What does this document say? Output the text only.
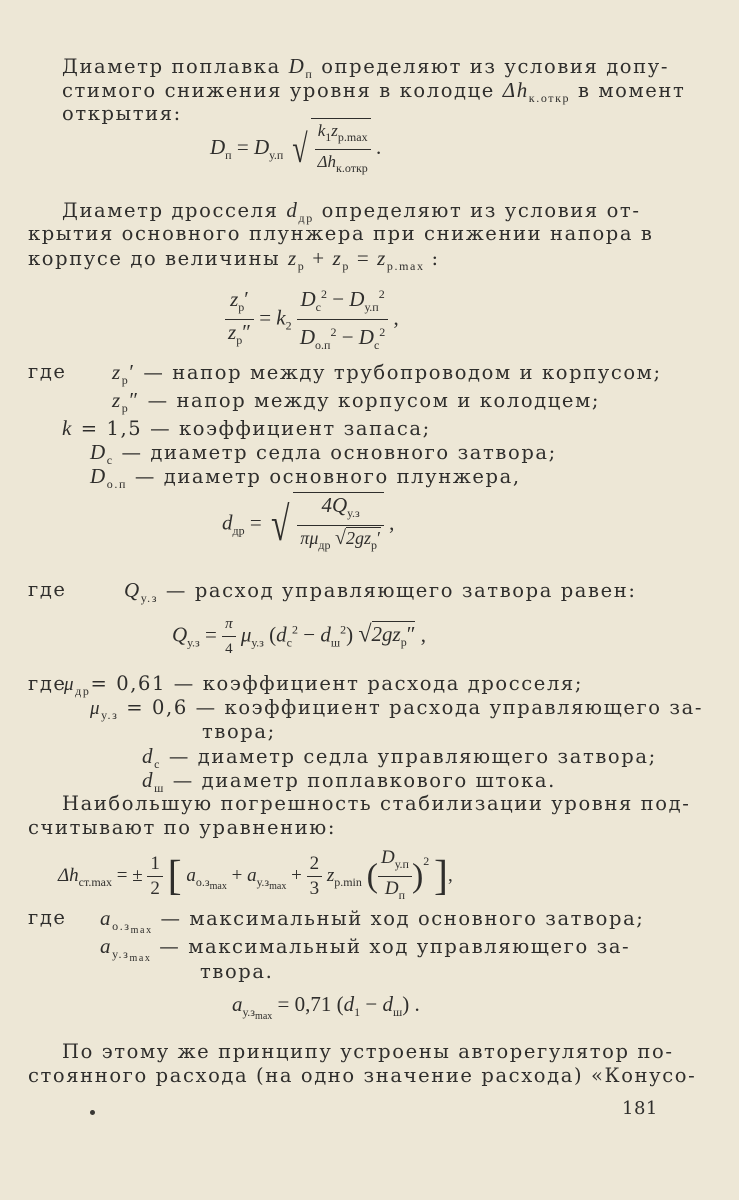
Диаметр поплавка $D_п$ определяют из условия допу-
стимого снижения уровня в колодце $\Delta h_{к.откр}$ в момент
открытия:
$D_п = D_{у.п}$ √ $\frac{k_1z_{p.max}}{\Delta h_{к.откр}}$ .
Диаметр дросселя $d_{др}$ определяют из условия от-
крытия основного плунжера при снижении напора в
корпусе до величины $z_р + z_р = z_{p.max}$ :
$\frac{z_р'}{z_р''} = k_2 \frac{D_с^2 - D_{у.п}^2}{D_{о.п}^2 - D_с^2}$ ,
где $z_р'$ — напор между трубопроводом и корпусом;
$z_р''$ — напор между корпусом и колодцем;
k = 1,5 — коэффициент запаса;
$D_с$ — диаметр седла основного затвора;
$D_{о.п}$ — диаметр основного плунжера,
$d_{др}$ = √ $\frac{4Q_{у.з}}{\pi\mu_{др} √2gz_р'}$ ,
где	$Q_{у.з}$ — расход управляющего затвора равен:
$Q_{у.з} = \frac{\pi}{4} \mu_{у.з}$ $(d_с^2 - d_ш^2)$ $√2gz_р''$ ,
где
$\mu_{др}= 0,61$ — коэффициент расхода дросселя;
$\mu_{у.з} = 0,6$ — коэффициент расхода управляющего за-
твора;
$d_с$ — диаметр седла управляющего затвора;
$d_ш$ — диаметр поплавкового штока.
Наибольшую погрешность стабилизации уровня под-
считывают по уравнению:
$\Delta h_{ст.max}$ = ± $\frac{1}{2}$ [ $a_{о.з_{max}} + a_{у.з_{max}} + \frac{2}{3} z_{p.min}$ ( $\frac{D_{у.п}}{D_п} )^2$ ],
где $a_{о.з_{max}}$ — максимальный ход основного затвора;
$a_{у.з_{max}}$ — максимальный ход управляющего за-
твора.
$a_{у.з_{max}} = 0,71$ $(d_1 - d_ш)$ .
По этому же принципу устроены авторегулятор по-
стоянного расхода (на одно значение расхода) «Конусо-
181
